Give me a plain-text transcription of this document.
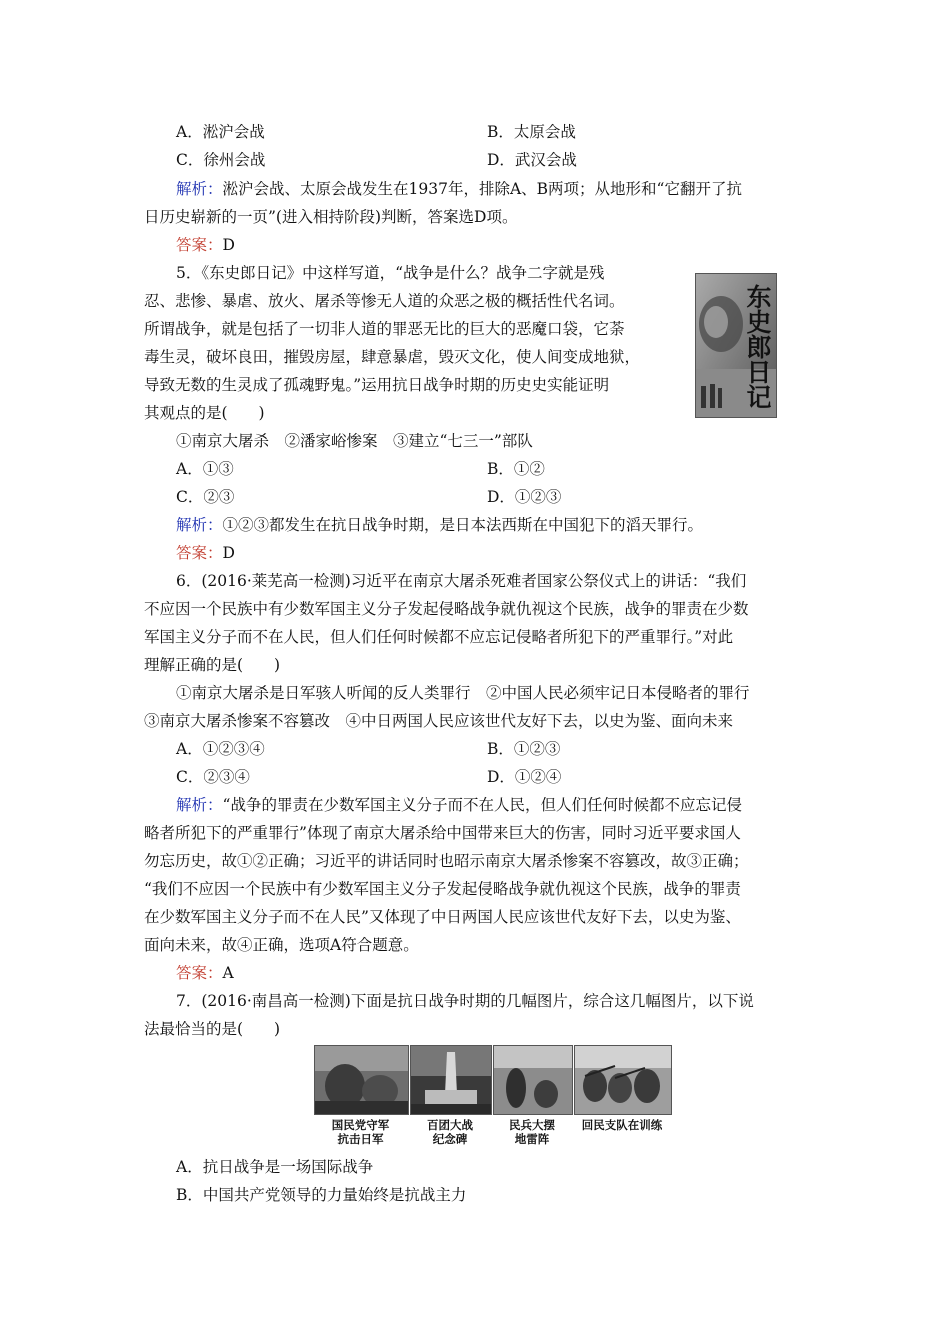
A．淞沪会战	B．太原会战
C．徐州会战	D．武汉会战
解析：淞沪会战、太原会战发生在1937年，排除A、B两项；从地形和“它翻开了抗
日历史崭新的一页”(进入相持阶段)判断，答案选D项。
答案：D
5．《东史郎日记》中这样写道，“战争是什么？战争二字就是残
忍、悲惨、暴虐、放火、屠杀等惨无人道的众恶之极的概括性代名词。
所谓战争，就是包括了一切非人道的罪恶无比的巨大的恶魔口袋，它荼
毒生灵，破坏良田，摧毁房屋，肆意暴虐，毁灭文化，使人间变成地狱，
导致无数的生灵成了孤魂野鬼。”运用抗日战争时期的历史史实能证明
其观点的是(　　)
东史郎日记
①南京大屠杀　②潘家峪惨案　③建立“七三一”部队
A．①③	B．①②
C．②③	D．①②③
解析：①②③都发生在抗日战争时期，是日本法西斯在中国犯下的滔天罪行。
答案：D
6．(2016·莱芜高一检测)习近平在南京大屠杀死难者国家公祭仪式上的讲话：“我们
不应因一个民族中有少数军国主义分子发起侵略战争就仇视这个民族，战争的罪责在少数
军国主义分子而不在人民，但人们任何时候都不应忘记侵略者所犯下的严重罪行。”对此
理解正确的是(　　)
①南京大屠杀是日军骇人听闻的反人类罪行　②中国人民必须牢记日本侵略者的罪行
③南京大屠杀惨案不容篡改　④中日两国人民应该世代友好下去，以史为鉴、面向未来
A．①②③④	B．①②③
C．②③④	D．①②④
解析：“战争的罪责在少数军国主义分子而不在人民，但人们任何时候都不应忘记侵
略者所犯下的严重罪行”体现了南京大屠杀给中国带来巨大的伤害，同时习近平要求国人
勿忘历史，故①②正确；习近平的讲话同时也昭示南京大屠杀惨案不容篡改，故③正确；
“我们不应因一个民族中有少数军国主义分子发起侵略战争就仇视这个民族，战争的罪责
在少数军国主义分子而不在人民”又体现了中日两国人民应该世代友好下去，以史为鉴、
面向未来，故④正确，选项A符合题意。
答案：A
7．(2016·南昌高一检测)下面是抗日战争时期的几幅图片，综合这几幅图片，以下说
法最恰当的是(　　)
国民党守军
抗击日军
百团大战
纪念碑
民兵大摆
地雷阵
回民支队在训练
A．抗日战争是一场国际战争
B．中国共产党领导的力量始终是抗战主力
